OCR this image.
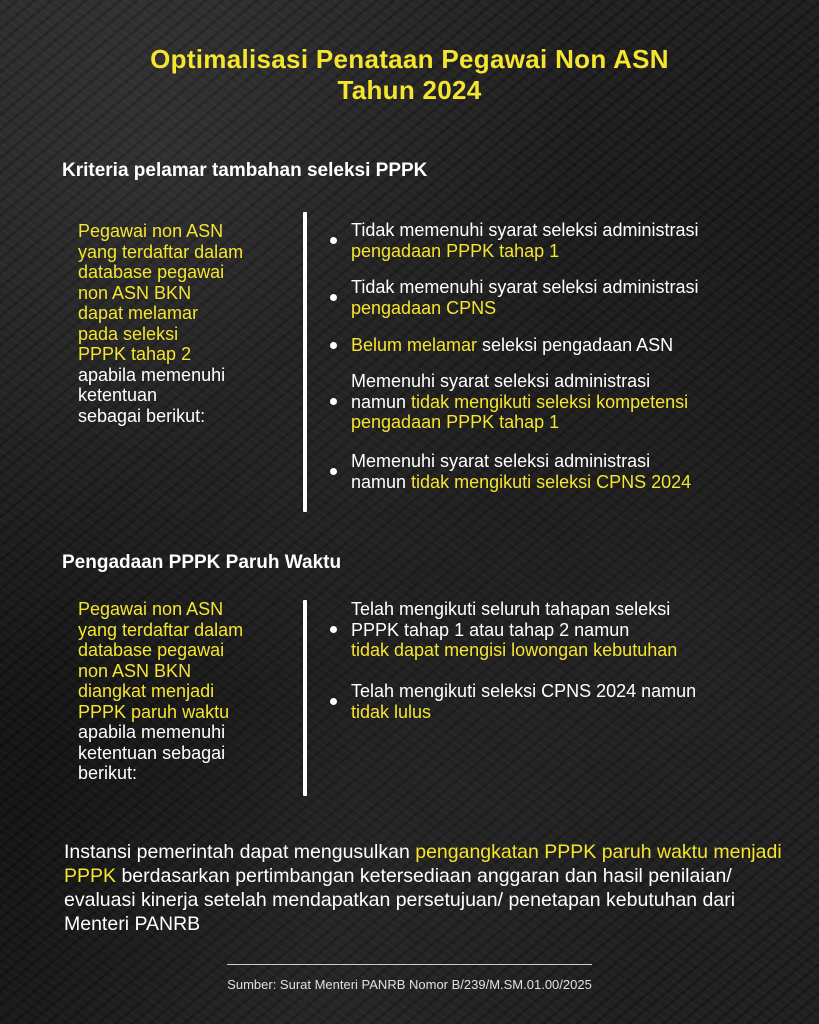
Optimalisasi Penataan Pegawai Non ASN
Tahun 2024
Kriteria pelamar tambahan seleksi PPPK
Pegawai non ASN
yang terdaftar dalam
database pegawai
non ASN BKN
dapat melamar
pada seleksi
PPPK tahap 2
apabila memenuhi
ketentuan
sebagai berikut:
Tidak memenuhi syarat seleksi administrasi
pengadaan PPPK tahap 1
Tidak memenuhi syarat seleksi administrasi
pengadaan CPNS
Belum melamar seleksi pengadaan ASN
Memenuhi syarat seleksi administrasi
namun tidak mengikuti seleksi kompetensi
pengadaan PPPK tahap 1
Memenuhi syarat seleksi administrasi
namun tidak mengikuti seleksi CPNS 2024
Pengadaan PPPK Paruh Waktu
Pegawai non ASN
yang terdaftar dalam
database pegawai
non ASN BKN
diangkat menjadi
PPPK paruh waktu
apabila memenuhi
ketentuan sebagai
berikut:
Telah mengikuti seluruh tahapan seleksi
PPPK tahap 1 atau tahap 2 namun
tidak dapat mengisi lowongan kebutuhan
Telah mengikuti seleksi CPNS 2024 namun
tidak lulus
Instansi pemerintah dapat mengusulkan pengangkatan PPPK paruh waktu menjadi PPPK berdasarkan pertimbangan ketersediaan anggaran dan hasil penilaian/ evaluasi kinerja setelah mendapatkan persetujuan/ penetapan kebutuhan dari Menteri PANRB
Sumber: Surat Menteri PANRB Nomor B/239/M.SM.01.00/2025
